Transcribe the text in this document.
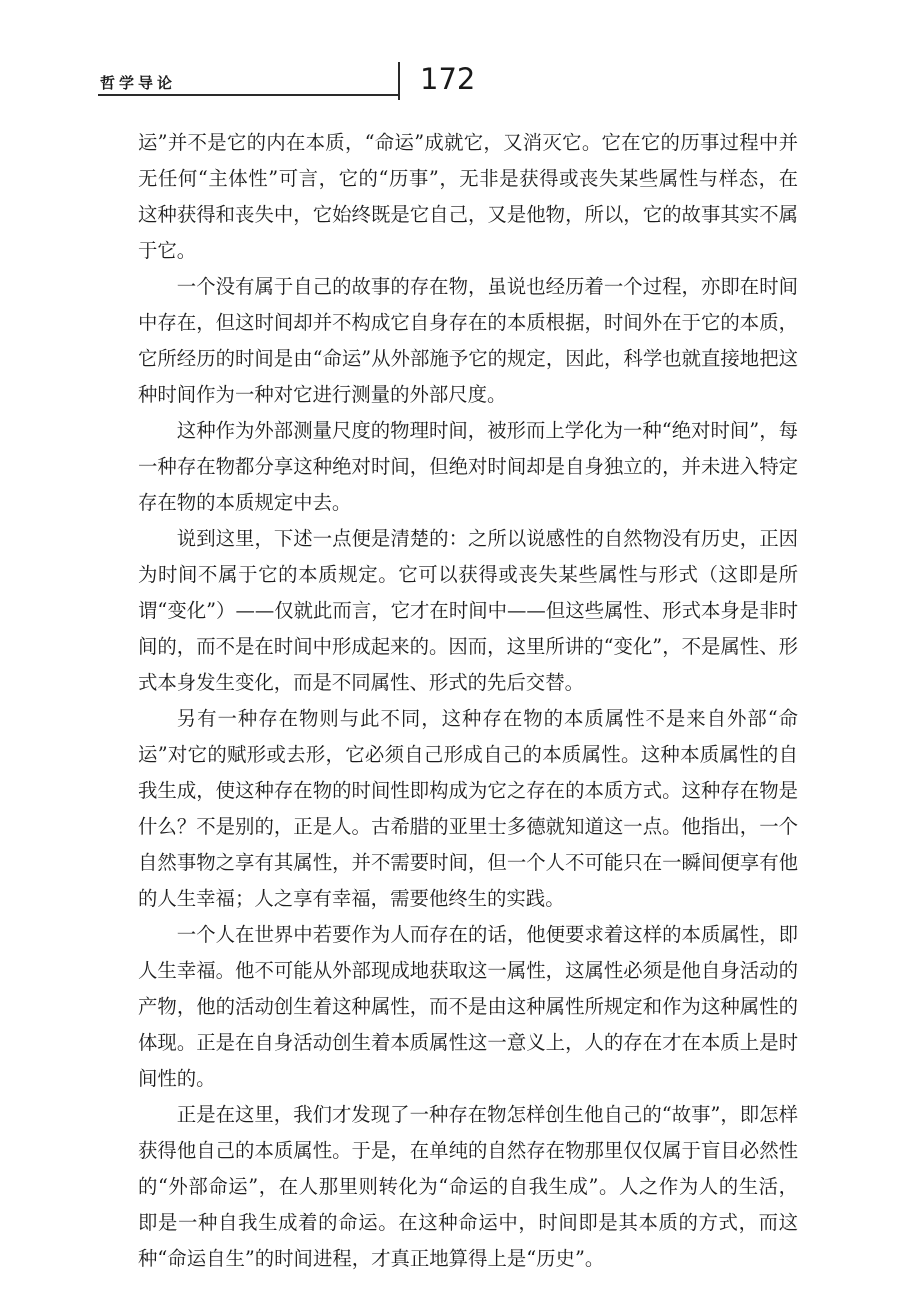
哲学导论	172

运”并不是它的内在本质，“命运”成就它，又消灭它。它在它的历事过程中并无任何“主体性”可言，它的“历事”，无非是获得或丧失某些属性与样态，在这种获得和丧失中，它始终既是它自己，又是他物，所以，它的故事其实不属于它。

一个没有属于自己的故事的存在物，虽说也经历着一个过程，亦即在时间中存在，但这时间却并不构成它自身存在的本质根据，时间外在于它的本质，它所经历的时间是由“命运”从外部施予它的规定，因此，科学也就直接地把这种时间作为一种对它进行测量的外部尺度。

这种作为外部测量尺度的物理时间，被形而上学化为一种“绝对时间”，每一种存在物都分享这种绝对时间，但绝对时间却是自身独立的，并未进入特定存在物的本质规定中去。

说到这里，下述一点便是清楚的：之所以说感性的自然物没有历史，正因为时间不属于它的本质规定。它可以获得或丧失某些属性与形式（这即是所谓“变化”）——仅就此而言，它才在时间中——但这些属性、形式本身是非时间的，而不是在时间中形成起来的。因而，这里所讲的“变化”，不是属性、形式本身发生变化，而是不同属性、形式的先后交替。

另有一种存在物则与此不同，这种存在物的本质属性不是来自外部“命运”对它的赋形或去形，它必须自己形成自己的本质属性。这种本质属性的自我生成，使这种存在物的时间性即构成为它之存在的本质方式。这种存在物是什么？不是别的，正是人。古希腊的亚里士多德就知道这一点。他指出，一个自然事物之享有其属性，并不需要时间，但一个人不可能只在一瞬间便享有他的人生幸福；人之享有幸福，需要他终生的实践。

一个人在世界中若要作为人而存在的话，他便要求着这样的本质属性，即人生幸福。他不可能从外部现成地获取这一属性，这属性必须是他自身活动的产物，他的活动创生着这种属性，而不是由这种属性所规定和作为这种属性的体现。正是在自身活动创生着本质属性这一意义上，人的存在才在本质上是时间性的。

正是在这里，我们才发现了一种存在物怎样创生他自己的“故事”，即怎样获得他自己的本质属性。于是，在单纯的自然存在物那里仅仅属于盲目必然性的“外部命运”，在人那里则转化为“命运的自我生成”。人之作为人的生活，即是一种自我生成着的命运。在这种命运中，时间即是其本质的方式，而这种“命运自生”的时间进程，才真正地算得上是“历史”。
